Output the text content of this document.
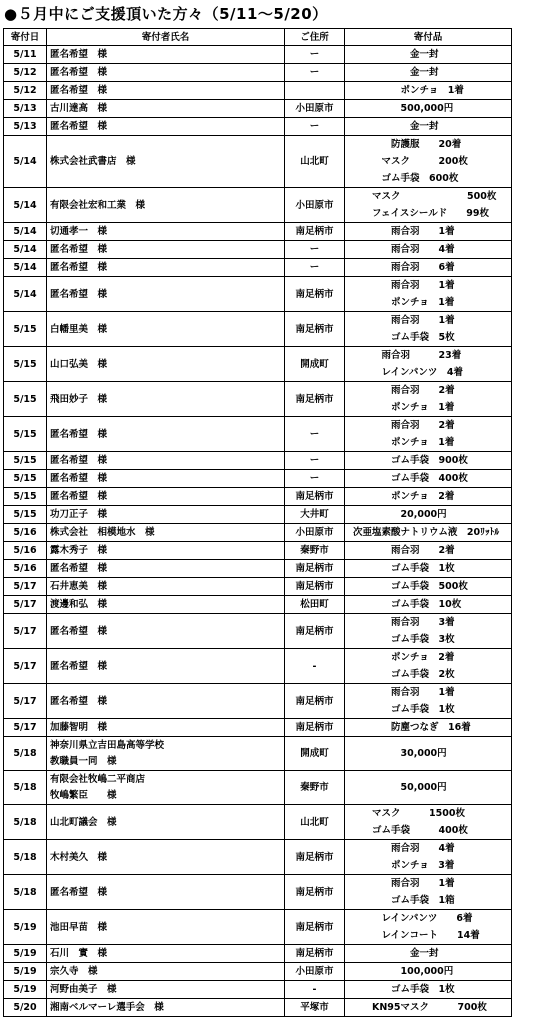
●５月中にご支援頂いた方々（5/11～5/20）
寄付日	寄付者氏名	ご住所	寄付品
5/11	匿名希望　様	ー	　　　　　　金一封

5/12	匿名希望　様	ー	　　　　　　金一封

5/12	匿名希望　様		　　　　　ポンチョ　1着

5/13	古川達高　様	小田原市	　　　　　500,000円

5/13	匿名希望　様	ー	　　　　　　金一封

5/14	株式会社武書店　様	山北町	　　　　防護服　　20着
　　　マスク　　　200枚
　　　ゴム手袋　600枚

5/14	有限会社宏和工業　様	小田原市	　　マスク　　　　　　　500枚
　　フェイスシールド　　99枚

5/14	切通孝一　様	南足柄市	　　　　雨合羽　　1着

5/14	匿名希望　様	ー	　　　　雨合羽　　4着

5/14	匿名希望　様	ー	　　　　雨合羽　　6着

5/14	匿名希望　様	南足柄市	　　　　雨合羽　　1着
　　　　ポンチョ　1着

5/15	白幡里美　様	南足柄市	　　　　雨合羽　　1着
　　　　ゴム手袋　5枚

5/15	山口弘美　様	開成町	　　　雨合羽　　　23着
　　　レインパンツ　4着

5/15	飛田妙子　様	南足柄市	　　　　雨合羽　　2着
　　　　ポンチョ　1着

5/15	匿名希望　様	ー	　　　　雨合羽　　2着
　　　　ポンチョ　1着

5/15	匿名希望　様	ー	　　　　ゴム手袋　900枚

5/15	匿名希望　様	ー	　　　　ゴム手袋　400枚

5/15	匿名希望　様	南足柄市	　　　　ポンチョ　2着

5/15	功刀正子　様	大井町	　　　　　20,000円

5/16	株式会社　相模地水　様	小田原市	次亜塩素酸ナトリウム液　20ﾘｯﾄﾙ

5/16	露木秀子　様	秦野市	　　　　雨合羽　　2着

5/16	匿名希望　様	南足柄市	　　　　ゴム手袋　1枚

5/17	石井恵美　様	南足柄市	　　　　ゴム手袋　500枚

5/17	渡邊和弘　様	松田町	　　　　ゴム手袋　10枚

5/17	匿名希望　様	南足柄市	　　　　雨合羽　　3着
　　　　ゴム手袋　3枚

5/17	匿名希望　様	-	　　　　ポンチョ　2着
　　　　ゴム手袋　2枚

5/17	匿名希望　様	南足柄市	　　　　雨合羽　　1着
　　　　ゴム手袋　1枚

5/17	加藤智明　様	南足柄市	　　　　防塵つなぎ　16着

5/18	神奈川県立吉田島高等学校
教職員一同　様	開成町	　　　　　30,000円

5/18	有限会社牧嶋二平商店
牧嶋繁臣　　様	秦野市	　　　　　50,000円

5/18	山北町議会　様	山北町	　　マスク　　　1500枚
　　ゴム手袋　　　400枚

5/18	木村美久　様	南足柄市	　　　　雨合羽　　4着
　　　　ポンチョ　3着

5/18	匿名希望　様	南足柄市	　　　　雨合羽　　1着
　　　　ゴム手袋　1箱

5/19	池田早苗　様	南足柄市	　　　レインパンツ　　6着
　　　レインコート　　14着

5/19	石川　實　様	南足柄市	　　　　　　金一封

5/19	宗久寺　様	小田原市	　　　　　100,000円

5/19	河野由美子　様	-	　　　　ゴム手袋　1枚

5/20	湘南ベルマーレ選手会　様	平塚市	　　KN95マスク　　　700枚
